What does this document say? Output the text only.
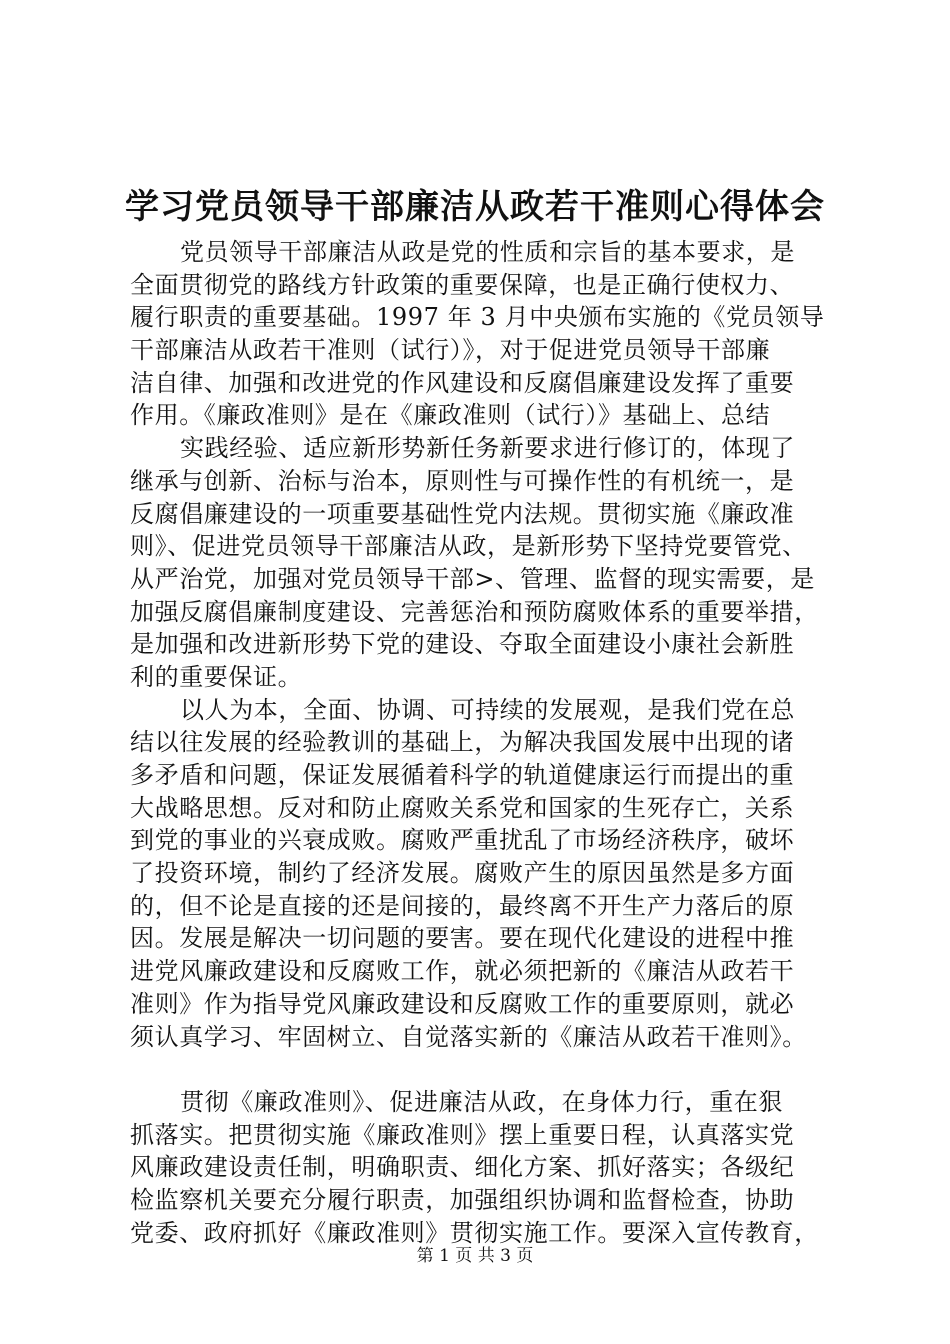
学习党员领导干部廉洁从政若干准则心得体会
党员领导干部廉洁从政是党的性质和宗旨的基本要求，是
全面贯彻党的路线方针政策的重要保障，也是正确行使权力、
履行职责的重要基础。1997 年 3 月中央颁布实施的《党员领导
干部廉洁从政若干准则（试行）》，对于促进党员领导干部廉
洁自律、加强和改进党的作风建设和反腐倡廉建设发挥了重要
作用。《廉政准则》是在《廉政准则（试行）》基础上、总结
实践经验、适应新形势新任务新要求进行修订的，体现了
继承与创新、治标与治本，原则性与可操作性的有机统一，是
反腐倡廉建设的一项重要基础性党内法规。贯彻实施《廉政准
则》、促进党员领导干部廉洁从政，是新形势下坚持党要管党、
从严治党，加强对党员领导干部>、管理、监督的现实需要，是
加强反腐倡廉制度建设、完善惩治和预防腐败体系的重要举措，
是加强和改进新形势下党的建设、夺取全面建设小康社会新胜
利的重要保证。
以人为本，全面、协调、可持续的发展观，是我们党在总
结以往发展的经验教训的基础上，为解决我国发展中出现的诸
多矛盾和问题，保证发展循着科学的轨道健康运行而提出的重
大战略思想。反对和防止腐败关系党和国家的生死存亡，关系
到党的事业的兴衰成败。腐败严重扰乱了市场经济秩序，破坏
了投资环境，制约了经济发展。腐败产生的原因虽然是多方面
的，但不论是直接的还是间接的，最终离不开生产力落后的原
因。发展是解决一切问题的要害。要在现代化建设的进程中推
进党风廉政建设和反腐败工作，就必须把新的《廉洁从政若干
准则》作为指导党风廉政建设和反腐败工作的重要原则，就必
须认真学习、牢固树立、自觉落实新的《廉洁从政若干准则》。
贯彻《廉政准则》、促进廉洁从政，在身体力行，重在狠
抓落实。把贯彻实施《廉政准则》摆上重要日程，认真落实党
风廉政建设责任制，明确职责、细化方案、抓好落实；各级纪
检监察机关要充分履行职责，加强组织协调和监督检查，协助
党委、政府抓好《廉政准则》贯彻实施工作。要深入宣传教育，
第 1 页 共 3 页
